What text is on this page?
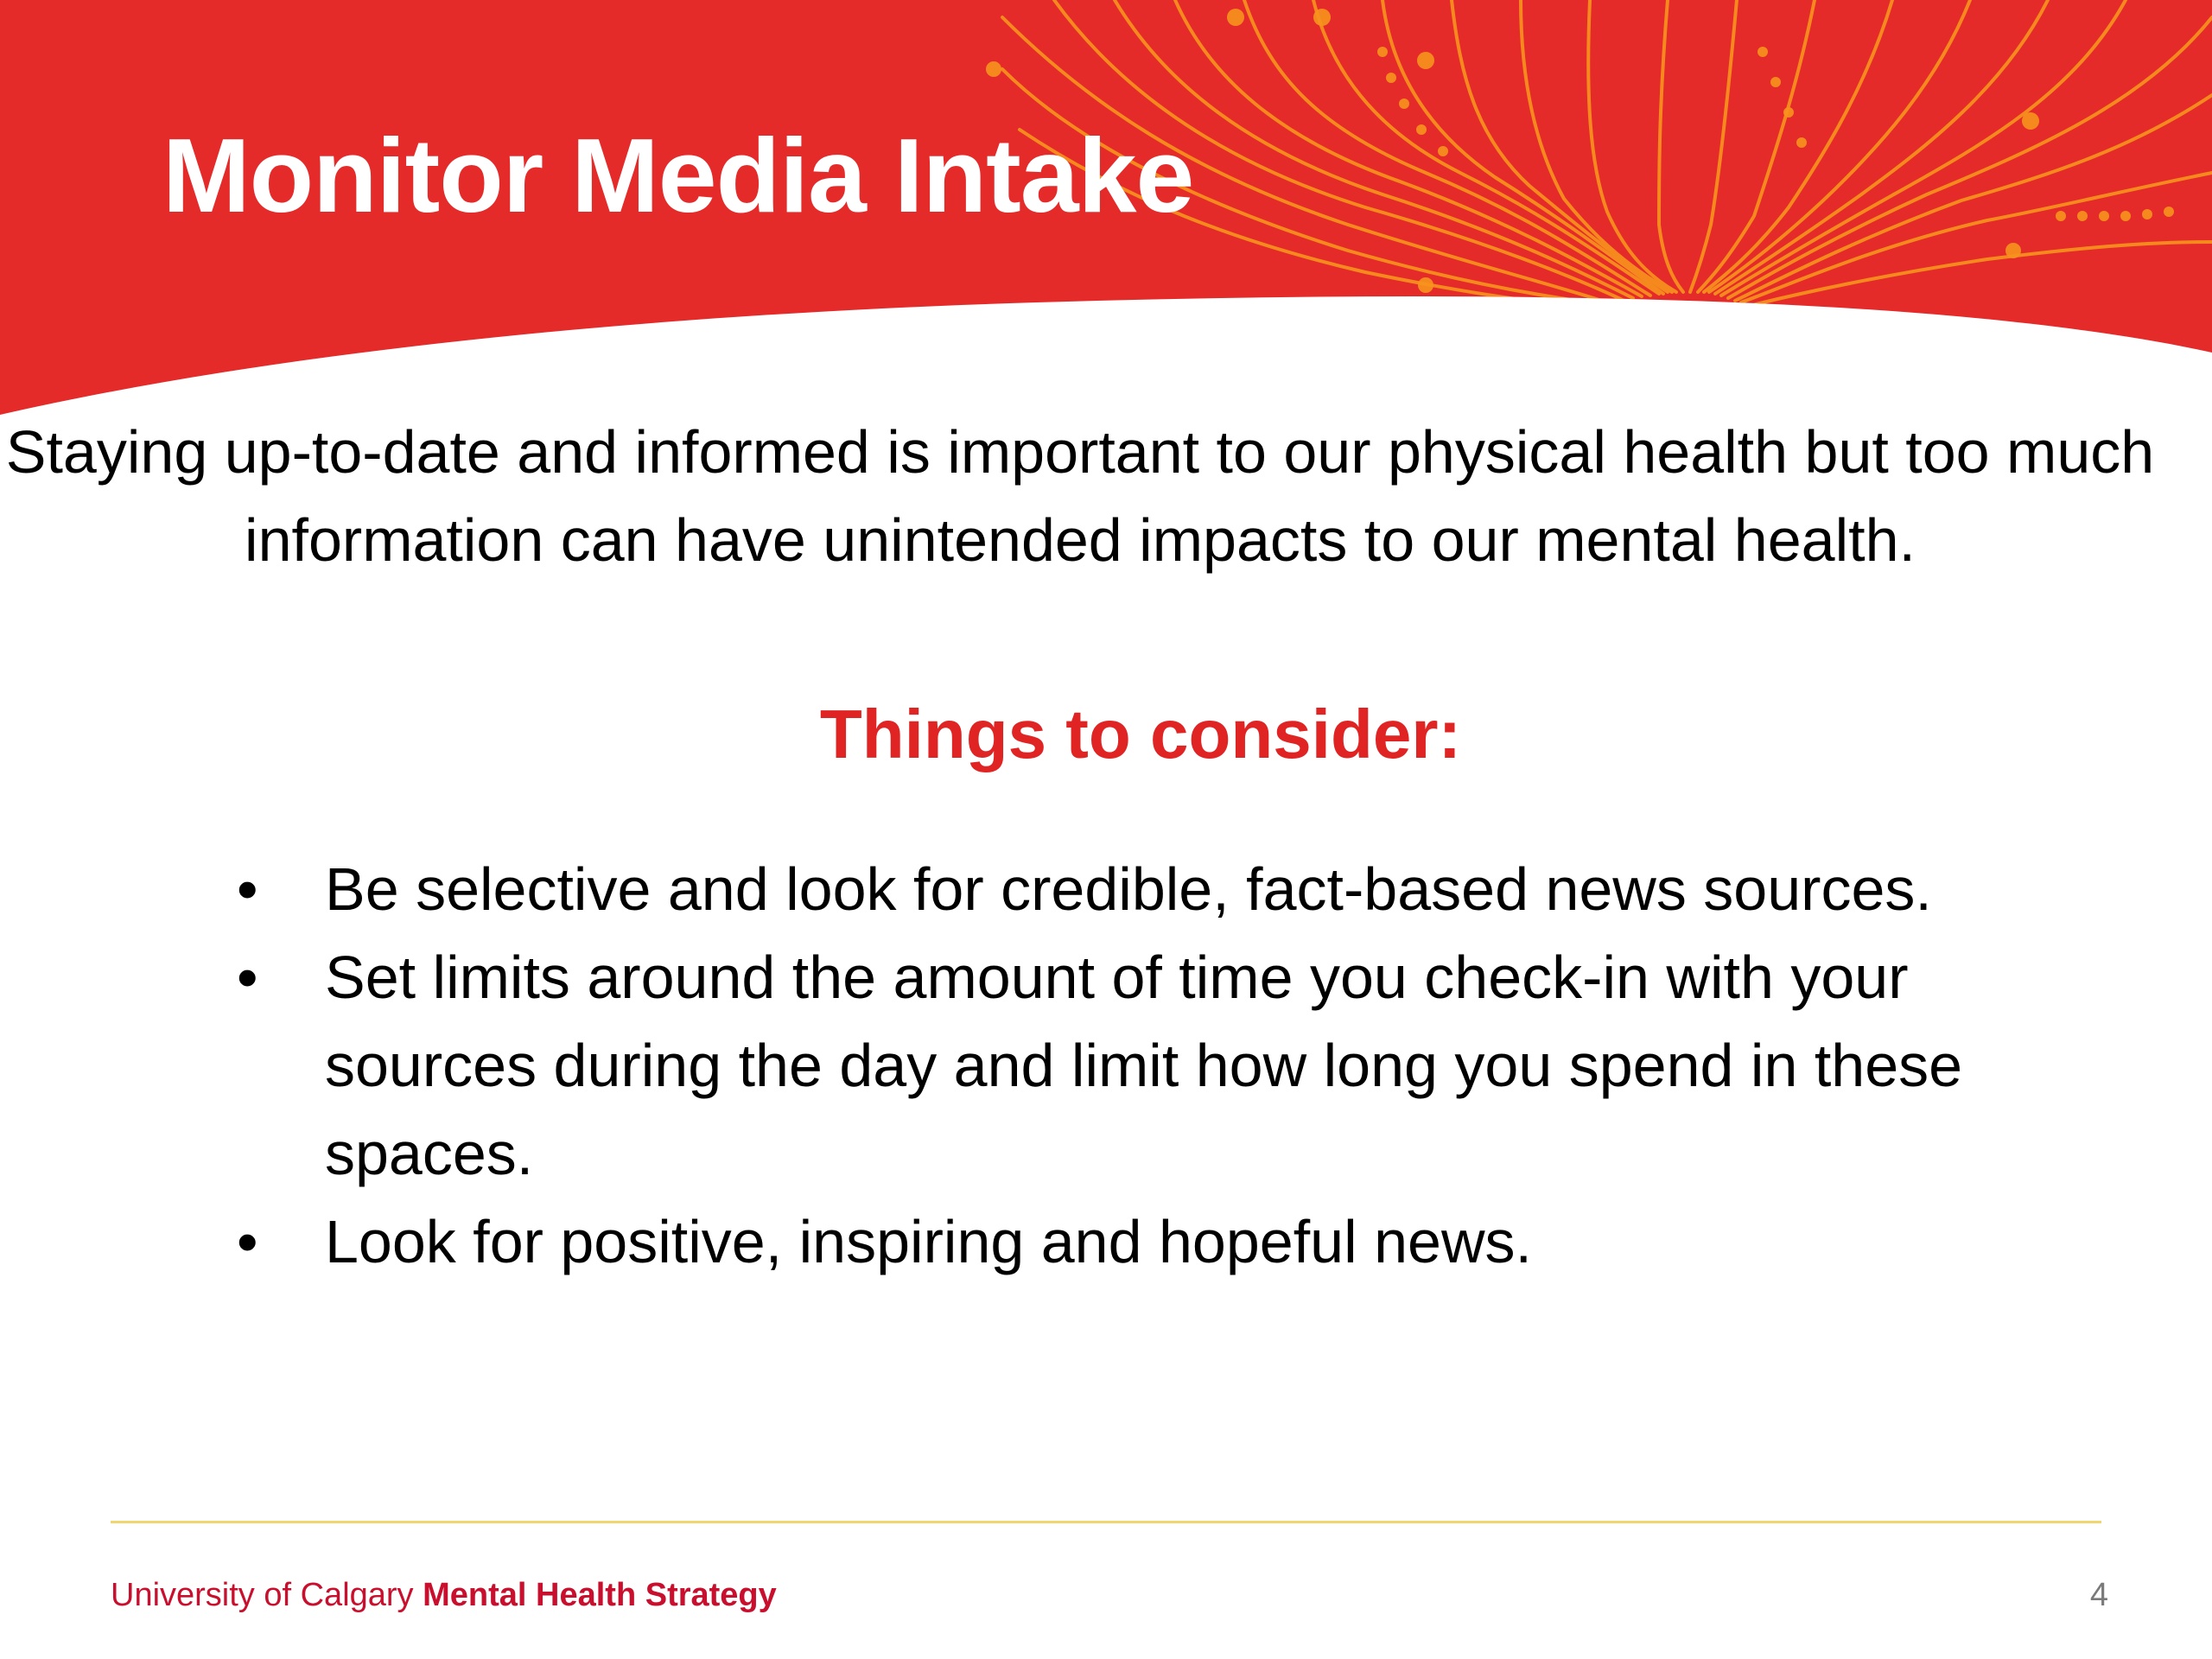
Monitor Media Intake

Staying up-to-date and informed is important to our physical health but too much information can have unintended impacts to our mental health.

Things to consider:
• Be selective and look for credible, fact-based news sources.
• Set limits around the amount of time you check-in with your sources during the day and limit how long you spend in these spaces.
• Look for positive, inspiring and hopeful news.

University of Calgary Mental Health Strategy	4
